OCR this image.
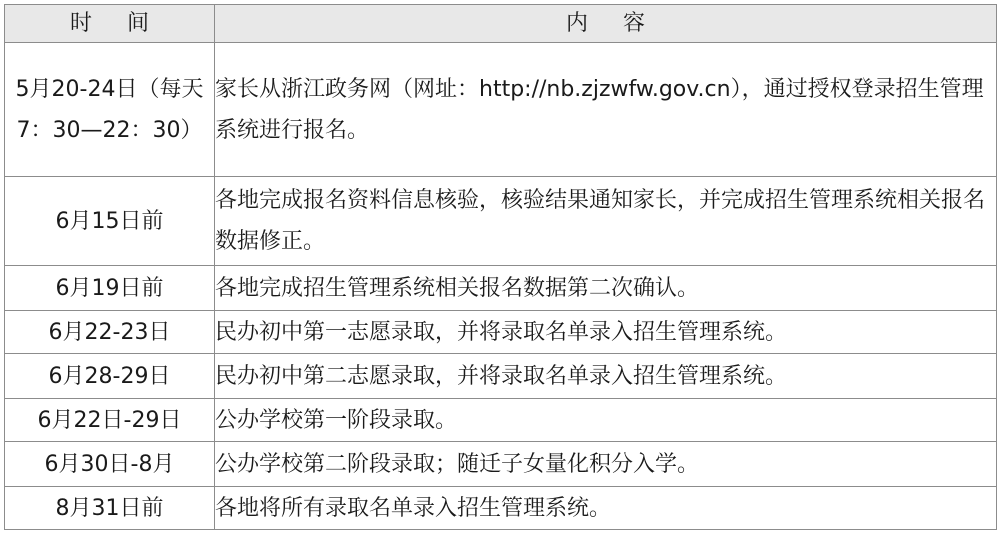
时 间	内 容
5月20-24日（每天7：30—22：30）	家长从浙江政务网（网址：http://nb.zjzwfw.gov.cn），通过授权登录招生管理系统进行报名。
6月15日前	各地完成报名资料信息核验，核验结果通知家长，并完成招生管理系统相关报名数据修正。
6月19日前	各地完成招生管理系统相关报名数据第二次确认。
6月22-23日	民办初中第一志愿录取，并将录取名单录入招生管理系统。
6月28-29日	民办初中第二志愿录取，并将录取名单录入招生管理系统。
6月22日-29日	公办学校第一阶段录取。
6月30日-8月	公办学校第二阶段录取；随迁子女量化积分入学。
8月31日前	各地将所有录取名单录入招生管理系统。
